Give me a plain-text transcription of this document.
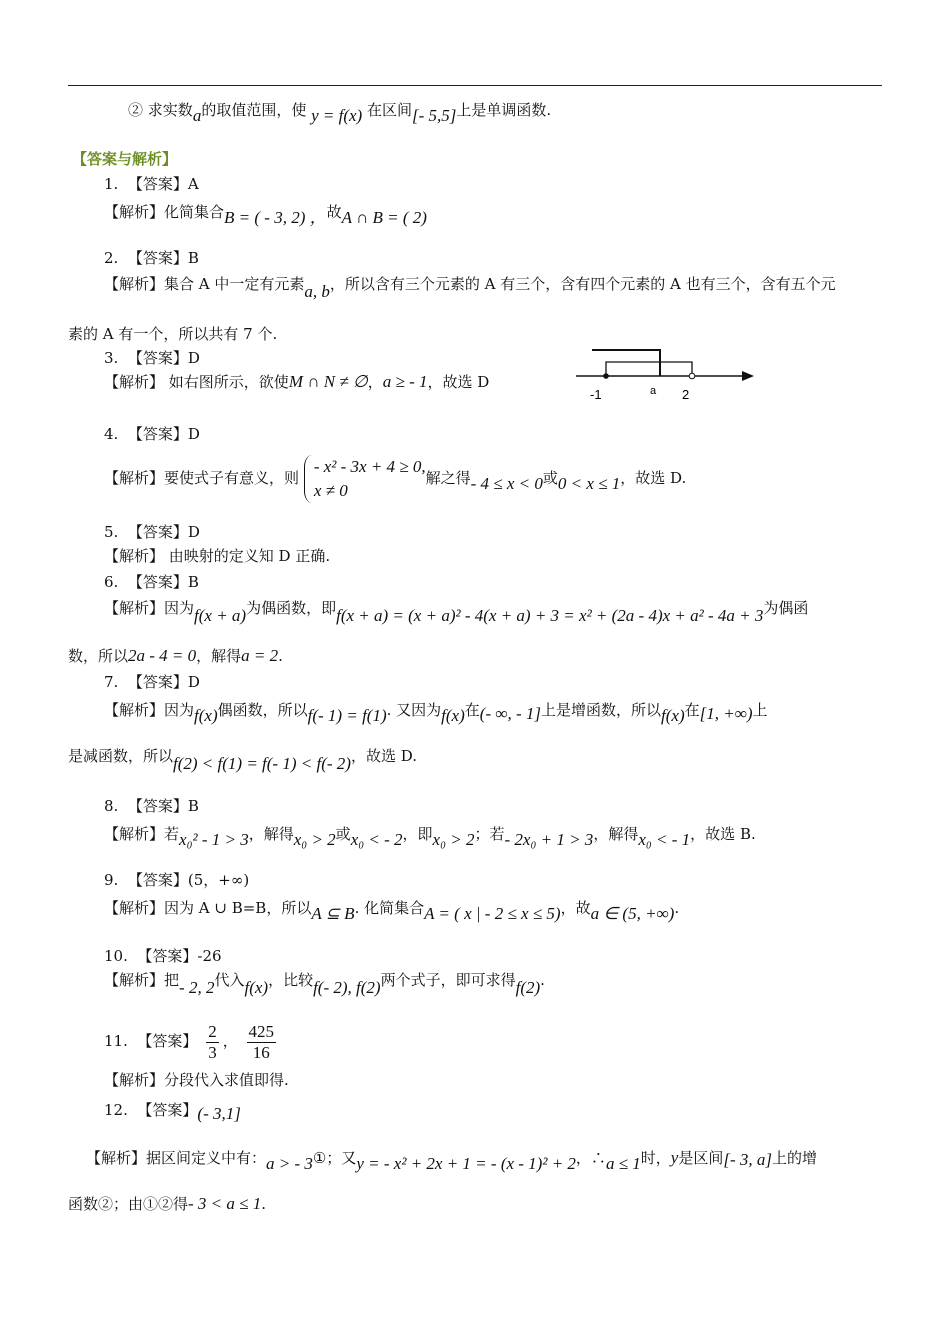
② 求实数a的取值范围，使 y = f(x) 在区间[- 5,5]上是单调函数.
【答案与解析】
1. 【答案】A
【解析】化简集合B = ( - 3, 2) ，故A ∩ B = ( 2)
2. 【答案】B
【解析】集合 A 中一定有元素a, b，所以含有三个元素的 A 有三个，含有四个元素的 A 也有三个，含有五个元
素的 A 有一个，所以共有 7 个.
3. 【答案】D
【解析】 如右图所示，欲使M ∩ N ≠ ∅，a ≥ - 1，故选 D
-1	a 2
4. 【答案】D
【解析】要使式子有意义，则
- x² - 3x + 4 ≥ 0,
x ≠ 0
解之得- 4 ≤ x < 0或0 < x ≤ 1，故选 D.
5. 【答案】D
【解析】 由映射的定义知 D 正确.
6. 【答案】B
【解析】因为f(x + a)为偶函数，即f(x + a) = (x + a)² - 4(x + a) + 3 = x² + (2a - 4)x + a² - 4a + 3为偶函
数，所以2a - 4 = 0，解得a = 2.
7. 【答案】D
【解析】因为f(x)偶函数，所以f(- 1) = f(1). 又因为f(x)在(- ∞, - 1]上是增函数，所以f(x)在[1, +∞)上
是减函数，所以f(2) < f(1) = f(- 1) < f(- 2)，故选 D.
8. 【答案】B
【解析】若x₀² - 1 > 3，解得x₀ > 2或x₀ < - 2，即x₀ > 2；若- 2x₀ + 1 > 3，解得x₀ < - 1，故选 B.
9. 【答案】(5，+∞)
【解析】因为 A ∪ B=B，所以A ⊆ B. 化简集合A = ( x | - 2 ≤ x ≤ 5)，故a ∈ (5, +∞).
10. 【答案】-26
【解析】把- 2, 2代入f(x)，比较f(- 2), f(2)两个式子，即可求得f(2).
11. 【答案】 $\frac{2}{3}$ ， $\frac{425}{16}$
【解析】分段代入求值即得.
12. 【答案】(- 3,1]
【解析】据区间定义中有：a > - 3①；又y = - x² + 2x + 1 = - (x - 1)² + 2，∴a ≤ 1时，y是区间[- 3, a]上的增
函数②；由①②得- 3 < a ≤ 1.
